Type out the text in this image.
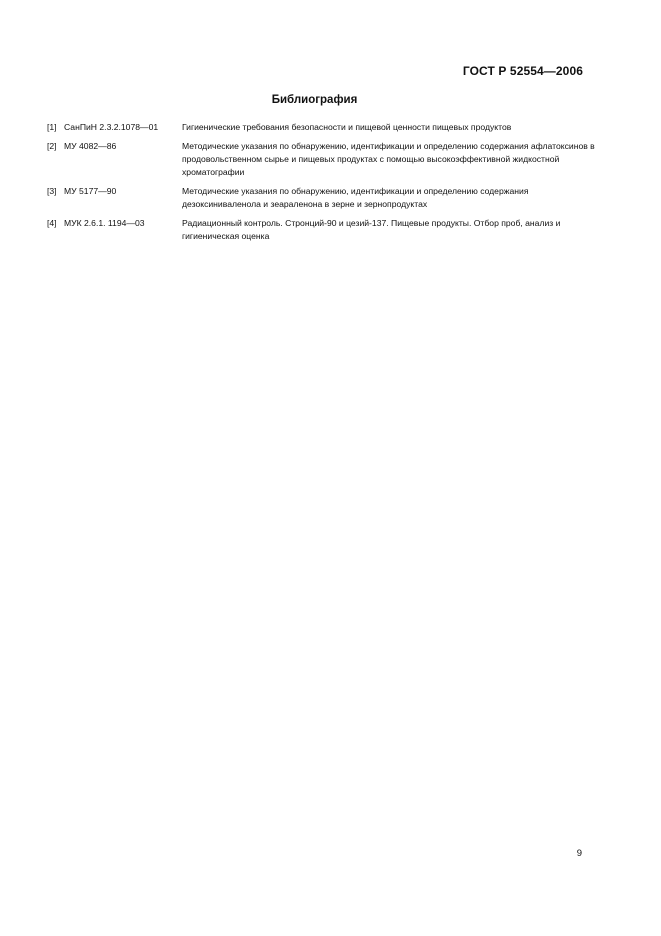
ГОСТ Р 52554—2006
Библиография
[1] СанПиН 2.3.2.1078—01	Гигиенические требования безопасности и пищевой ценности пищевых продуктов
[2] МУ 4082—86	Методические указания по обнаружению, идентификации и определению содержания афлатоксинов в продовольственном сырье и пищевых продуктах с помощью высокоэффективной жидкостной хроматографии
[3] МУ 5177—90	Методические указания по обнаружению, идентификации и определению содержания дезоксиниваленола и зеараленона в зерне и зернопродуктах
[4] МУК 2.6.1. 1194—03	Радиационный контроль. Стронций-90 и цезий-137. Пищевые продукты. Отбор проб, анализ и гигиеническая оценка
9
